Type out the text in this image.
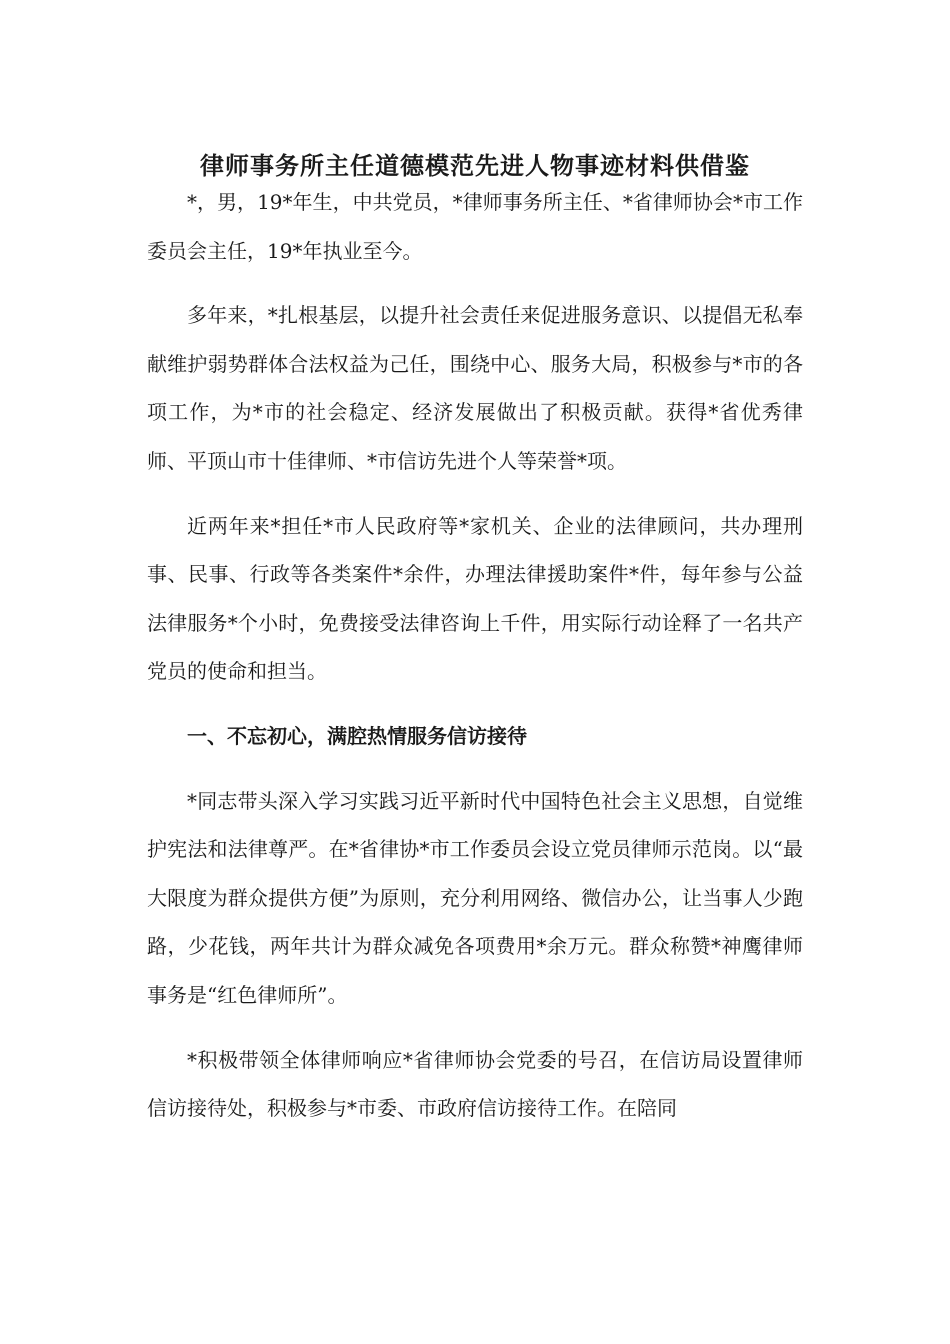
律师事务所主任道德模范先进人物事迹材料供借鉴

*，男，19*年生，中共党员，*律师事务所主任、*省律师协会*市工作委员会主任，19*年执业至今。

多年来，*扎根基层，以提升社会责任来促进服务意识、以提倡无私奉献维护弱势群体合法权益为己任，围绕中心、服务大局，积极参与*市的各项工作，为*市的社会稳定、经济发展做出了积极贡献。获得*省优秀律师、平顶山市十佳律师、*市信访先进个人等荣誉*项。

近两年来*担任*市人民政府等*家机关、企业的法律顾问，共办理刑事、民事、行政等各类案件*余件，办理法律援助案件*件，每年参与公益法律服务*个小时，免费接受法律咨询上千件，用实际行动诠释了一名共产党员的使命和担当。

一、不忘初心，满腔热情服务信访接待

*同志带头深入学习实践习近平新时代中国特色社会主义思想，自觉维护宪法和法律尊严。在*省律协*市工作委员会设立党员律师示范岗。以“最大限度为群众提供方便”为原则，充分利用网络、微信办公，让当事人少跑路，少花钱，两年共计为群众减免各项费用*余万元。群众称赞*神鹰律师事务是“红色律师所”。

*积极带领全体律师响应*省律师协会党委的号召，在信访局设置律师信访接待处，积极参与*市委、市政府信访接待工作。在陪同
